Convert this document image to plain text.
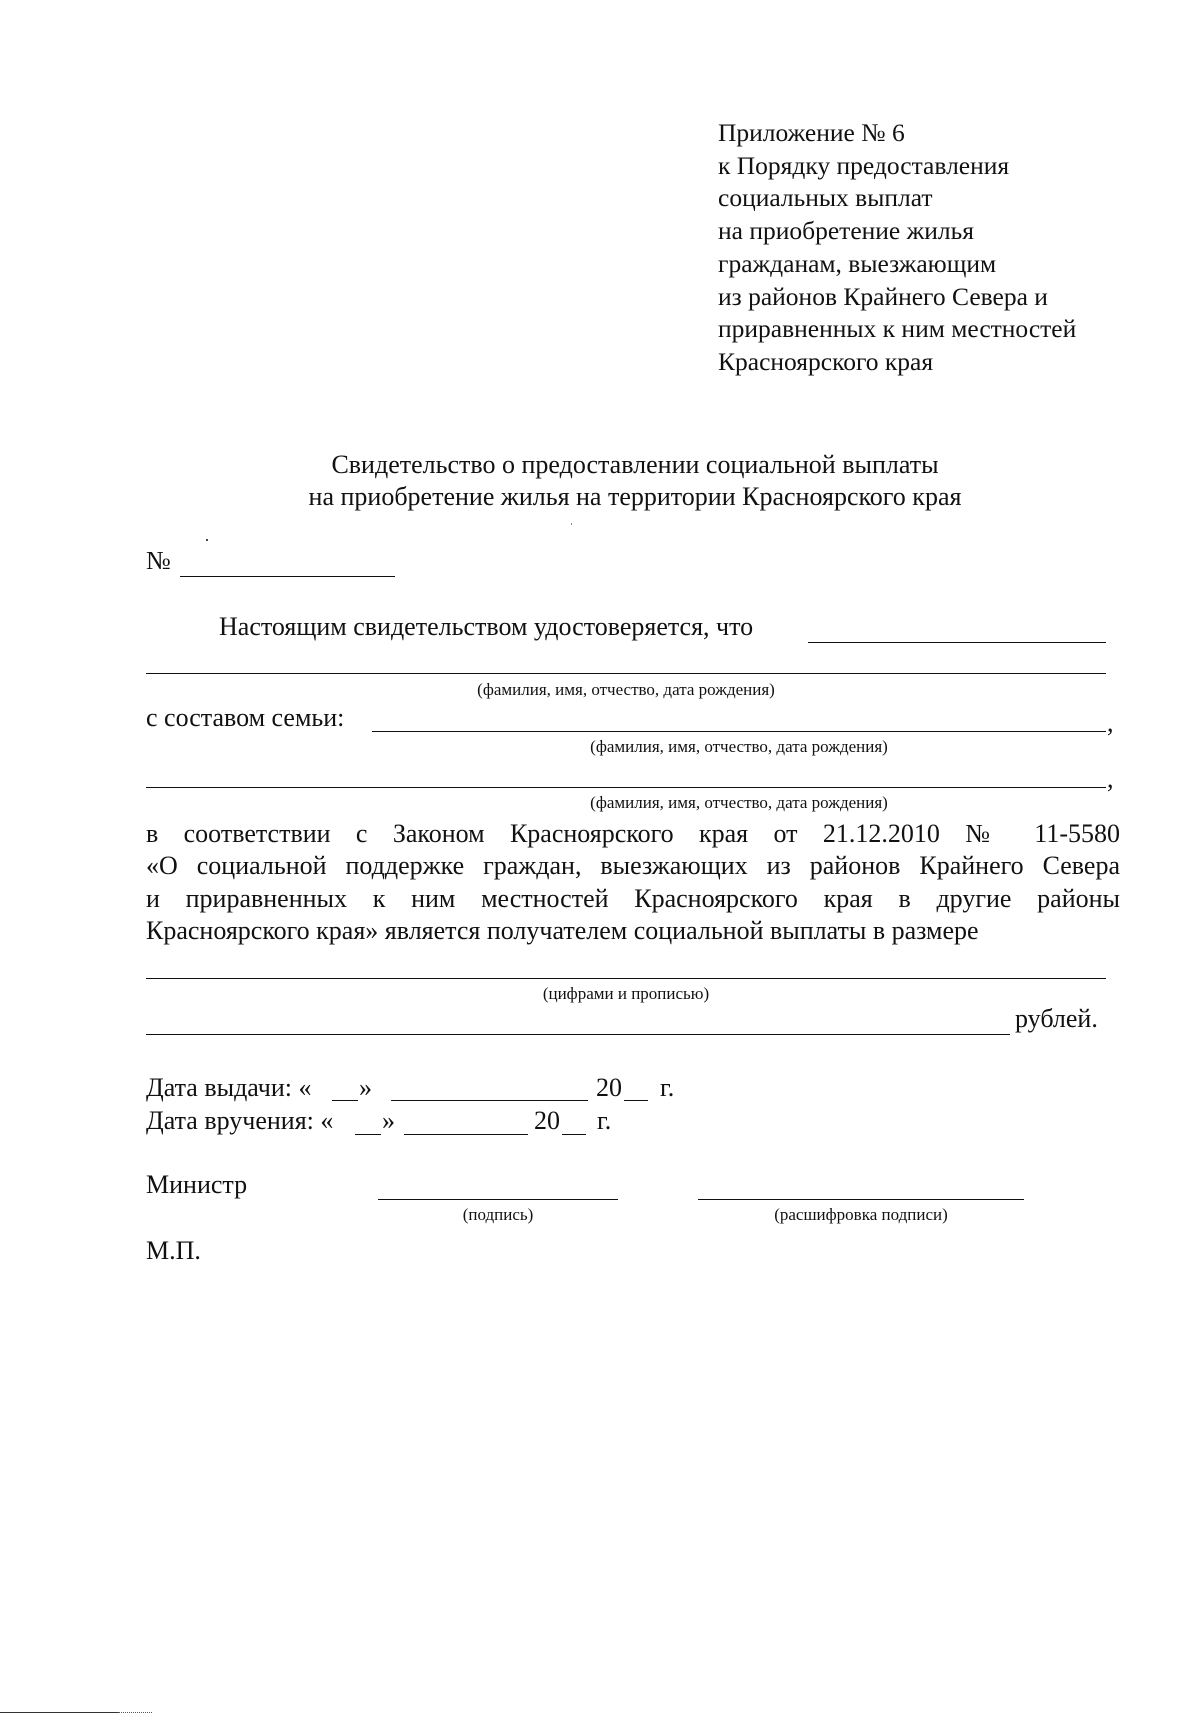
Приложение № 6
к Порядку предоставления
социальных выплат
на приобретение жилья
гражданам, выезжающим
из районов Крайнего Севера и
приравненных к ним местностей
Красноярского края
Свидетельство о предоставлении социальной выплаты
на приобретение жилья на территории Красноярского края
№
Настоящим свидетельством удостоверяется, что
(фамилия, имя, отчество, дата рождения)
с составом семьи:	,
(фамилия, имя, отчество, дата рождения)
,
(фамилия, имя, отчество, дата рождения)
в соответствии с Законом Красноярского края от 21.12.2010 № 11-5580
«О социальной поддержке граждан, выезжающих из районов Крайнего Севера
и приравненных к ним местностей Красноярского края в другие районы
Красноярского края» является получателем социальной выплаты в размере
(цифрами и прописью)
рублей.
Дата выдачи: « »	20 г.
Дата вручения: « »	20 г.
Министр
(подпись)	(расшифровка подписи)
М.П.
